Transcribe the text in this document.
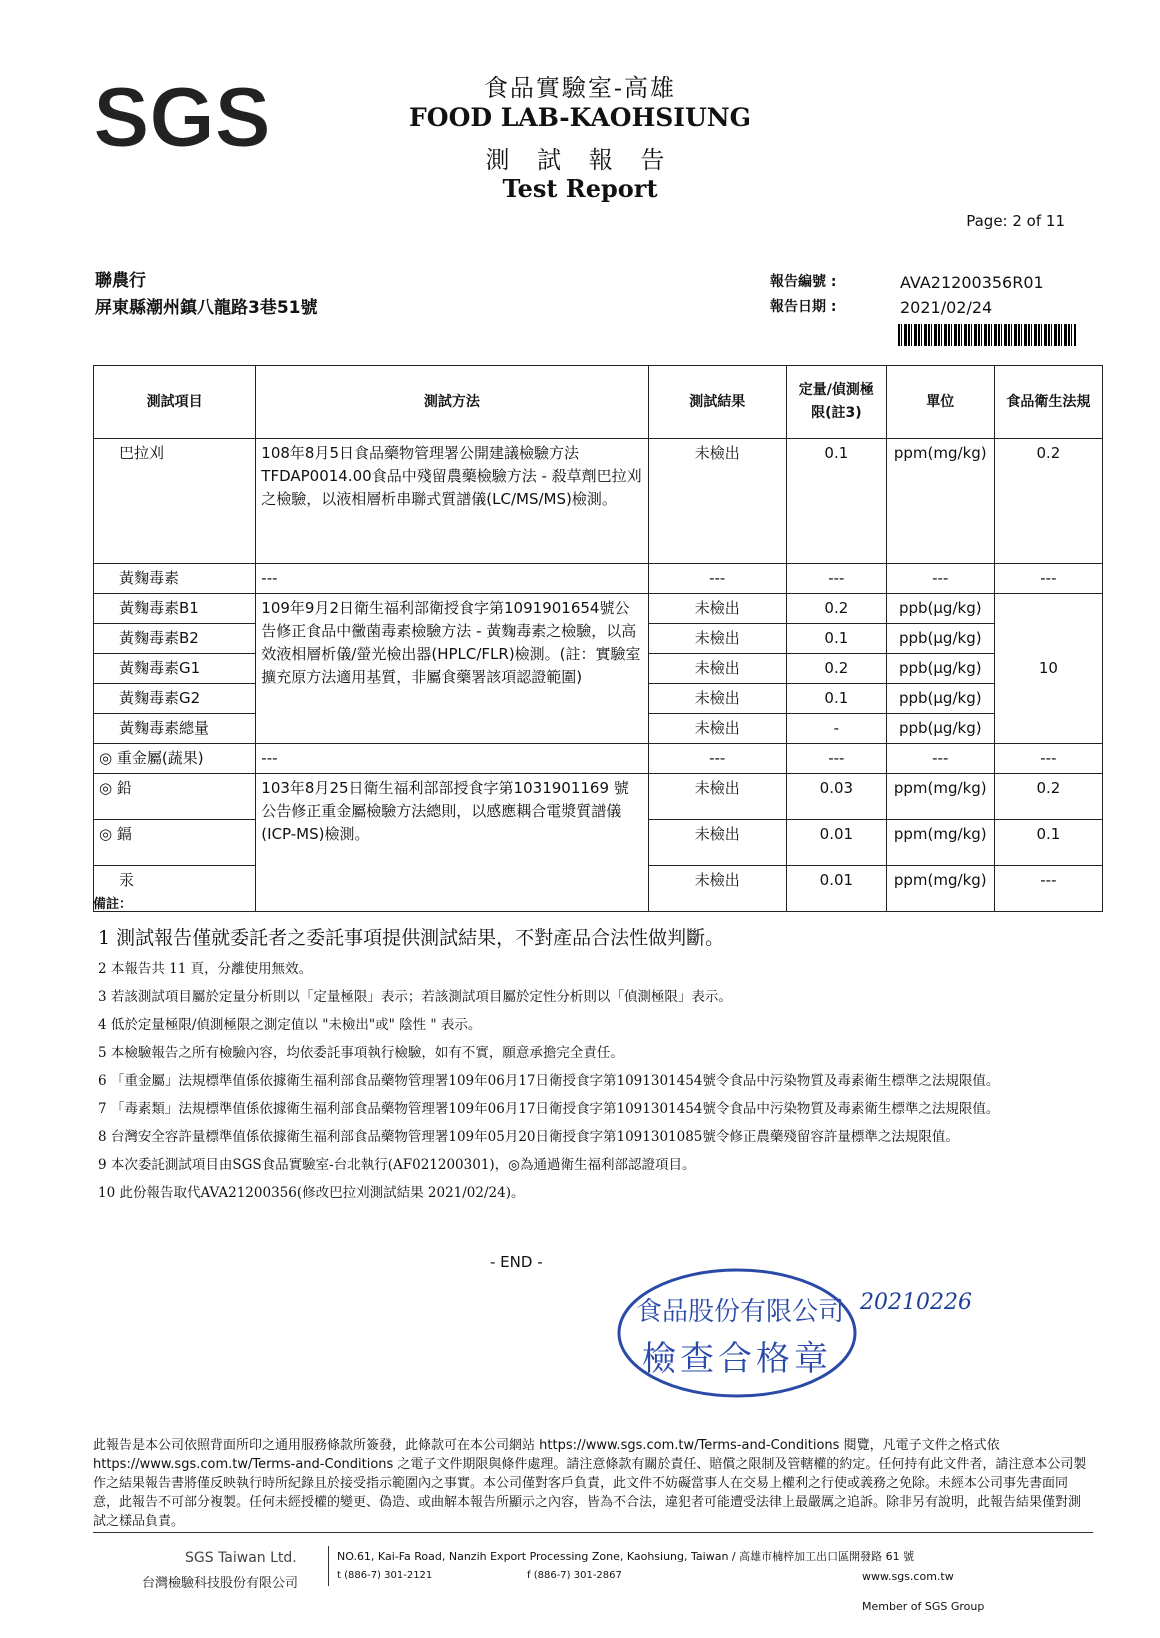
SGS	食品實驗室-高雄
FOOD LAB-KAOHSIUNG
測 試 報 告
Test Report
Page: 2 of 11
聯農行
屏東縣潮州鎮八龍路3巷51號
報告編號 :
報告日期 :
AVA21200356R01
2021/02/24
測試項目	測試方法	測試結果	定量/偵測極限(註3)	單位	食品衛生法規
巴拉刈	108年8月5日食品藥物管理署公開建議檢驗方法TFDAP0014.00食品中殘留農藥檢驗方法 - 殺草劑巴拉刈之檢驗，以液相層析串聯式質譜儀(LC/MS/MS)檢測。	未檢出	0.1	ppm(mg/kg)	0.2
黃麴毒素	---	---	---	---	---
黃麴毒素B1	109年9月2日衛生福利部衛授食字第1091901654號公告修正食品中黴菌毒素檢驗方法 - 黃麴毒素之檢驗，以高效液相層析儀/螢光檢出器(HPLC/FLR)檢測。(註：實驗室擴充原方法適用基質，非屬食藥署該項認證範圍)	未檢出	0.2	ppb(μg/kg)	10
黃麴毒素B2		未檢出	0.1	ppb(μg/kg)	
黃麴毒素G1		未檢出	0.2	ppb(μg/kg)	
黃麴毒素G2		未檢出	0.1	ppb(μg/kg)	
黃麴毒素總量		未檢出	-	ppb(μg/kg)	
◎ 重金屬(蔬果)	---	---	---	---	---
◎ 鉛	103年8月25日衛生福利部部授食字第1031901169 號公告修正重金屬檢驗方法總則，以感應耦合電漿質譜儀(ICP-MS)檢測。	未檢出	0.03	ppm(mg/kg)	0.2
◎ 鎘		未檢出	0.01	ppm(mg/kg)	0.1
汞		未檢出	0.01	ppm(mg/kg)	---
備註：
1 測試報告僅就委託者之委託事項提供測試結果，不對產品合法性做判斷。
2 本報告共 11 頁，分離使用無效。
3 若該測試項目屬於定量分析則以「定量極限」表示；若該測試項目屬於定性分析則以「偵測極限」表示。
4 低於定量極限/偵測極限之測定值以 "未檢出"或" 陰性 " 表示。
5 本檢驗報告之所有檢驗內容，均依委託事項執行檢驗，如有不實，願意承擔完全責任。
6 「重金屬」法規標準值係依據衛生福利部食品藥物管理署109年06月17日衛授食字第1091301454號令食品中污染物質及毒素衛生標準之法規限值。
7 「毒素類」法規標準值係依據衛生福利部食品藥物管理署109年06月17日衛授食字第1091301454號令食品中污染物質及毒素衛生標準之法規限值。
8 台灣安全容許量標準值係依據衛生福利部食品藥物管理署109年05月20日衛授食字第1091301085號令修正農藥殘留容許量標準之法規限值。
9 本次委託測試項目由SGS食品實驗室-台北執行(AF021200301)，◎為通過衛生福利部認證項目。
10 此份報告取代AVA21200356(修改巴拉刈測試結果 2021/02/24)。
- END -
食品股份有限公司
檢查合格章
20210226
此報告是本公司依照背面所印之通用服務條款所簽發，此條款可在本公司網站 https://www.sgs.com.tw/Terms-and-Conditions 閱覽，凡電子文件之格式依 https://www.sgs.com.tw/Terms-and-Conditions 之電子文件期限與條件處理。請注意條款有關於責任、賠償之限制及管轄權的約定。任何持有此文件者，請注意本公司製作之結果報告書將僅反映執行時所紀錄且於接受指示範圍內之事實。本公司僅對客戶負責，此文件不妨礙當事人在交易上權利之行使或義務之免除。未經本公司事先書面同意，此報告不可部分複製。任何未經授權的變更、偽造、或曲解本報告所顯示之內容，皆為不合法，違犯者可能遭受法律上最嚴厲之追訴。除非另有說明，此報告結果僅對測試之樣品負責。
SGS Taiwan Ltd.
台灣檢驗科技股份有限公司
NO.61, Kai-Fa Road, Nanzih Export Processing Zone, Kaohsiung, Taiwan / 高雄市楠梓加工出口區開發路 61 號
t (886-7) 301-2121	f (886-7) 301-2867	www.sgs.com.tw
Member of SGS Group
